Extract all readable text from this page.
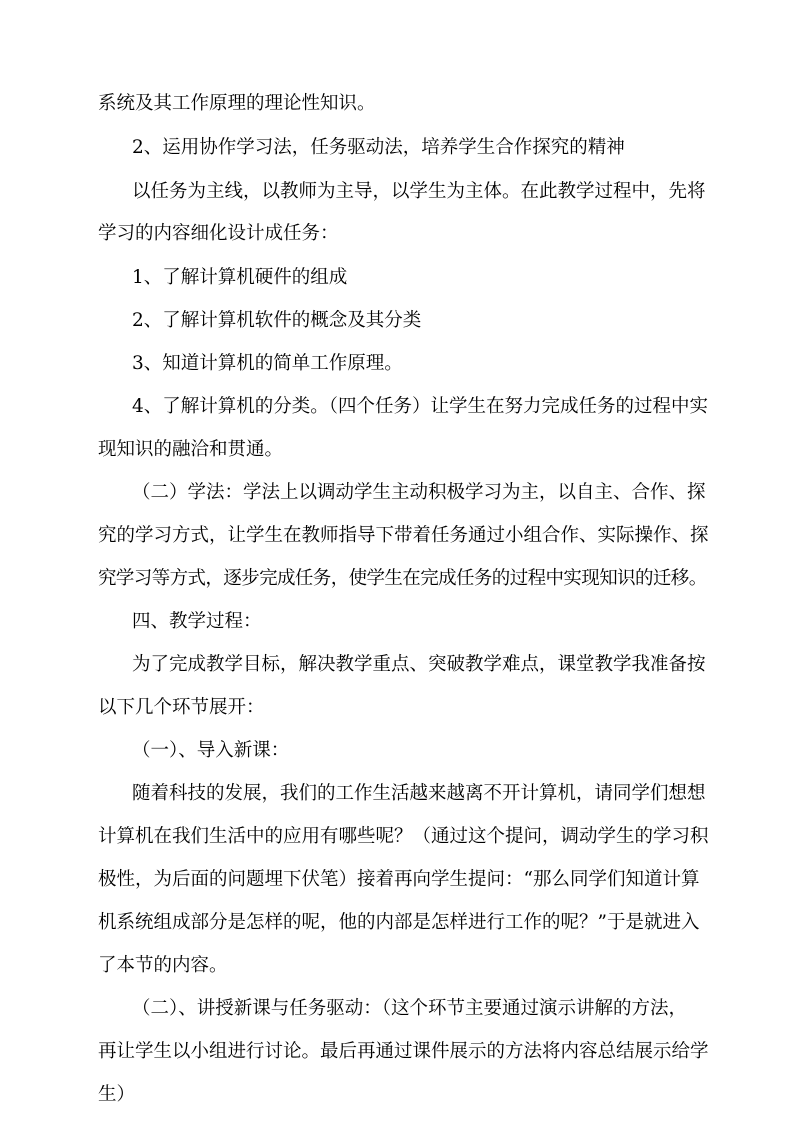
系统及其工作原理的理论性知识。
2、运用协作学习法，任务驱动法，培养学生合作探究的精神
以任务为主线，以教师为主导，以学生为主体。在此教学过程中，先将
学习的内容细化设计成任务：
1、了解计算机硬件的组成
2、了解计算机软件的概念及其分类
3、知道计算机的简单工作原理。
4、了解计算机的分类。（四个任务）让学生在努力完成任务的过程中实
现知识的融洽和贯通。
（二）学法：学法上以调动学生主动积极学习为主，以自主、合作、探
究的学习方式，让学生在教师指导下带着任务通过小组合作、实际操作、探
究学习等方式，逐步完成任务，使学生在完成任务的过程中实现知识的迁移。
四、教学过程：
为了完成教学目标，解决教学重点、突破教学难点，课堂教学我准备按
以下几个环节展开：
（一）、导入新课：
随着科技的发展，我们的工作生活越来越离不开计算机，请同学们想想
计算机在我们生活中的应用有哪些呢？（通过这个提问，调动学生的学习积
极性，为后面的问题埋下伏笔）接着再向学生提问：“那么同学们知道计算
机系统组成部分是怎样的呢，他的内部是怎样进行工作的呢？”于是就进入
了本节的内容。
（二）、讲授新课与任务驱动：（这个环节主要通过演示讲解的方法，
再让学生以小组进行讨论。最后再通过课件展示的方法将内容总结展示给学
生）
